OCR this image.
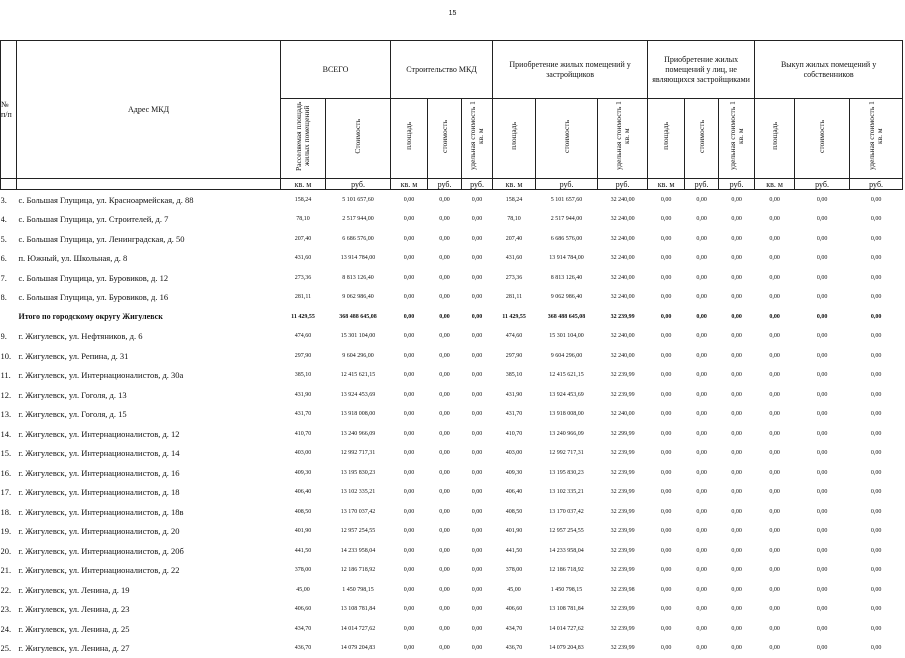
15
№ п/п	Адрес МКД	ВСЕГО		Строительство МКД			Приобретение жилых помещений у застройщиков			Приобретение жилых помещений у лиц, не являющихся застройщиками			Выкуп жилых помещений у собственников		
		Расселяемая площадь жилых помещений	Стоимость	площадь	стоимость	удельная стоимость 1 кв. м	площадь	стоимость	удельная стоимость 1 кв. м	площадь	стоимость	удельная стоимость 1 кв. м	площадь	стоимость	удельная стоимость 1 кв. м
		кв. м	руб.	кв. м	руб.	руб.	кв. м	руб.	руб.	кв. м	руб.	руб.	кв. м	руб.	руб.
3.	с. Большая Глущица, ул. Красноармейская, д. 88	158,24	5 101 657,60	0,00	0,00	0,00	158,24	5 101 657,60	32 240,00	0,00	0,00	0,00	0,00	0,00	0,00
4.	с. Большая Глущица, ул. Строителей, д. 7	78,10	2 517 944,00	0,00	0,00	0,00	78,10	2 517 944,00	32 240,00	0,00	0,00	0,00	0,00	0,00	0,00
5.	с. Большая Глущица, ул. Ленинградская, д. 50	207,40	6 686 576,00	0,00	0,00	0,00	207,40	6 686 576,00	32 240,00	0,00	0,00	0,00	0,00	0,00	0,00
6.	п. Южный, ул. Школьная, д. 8	431,60	13 914 784,00	0,00	0,00	0,00	431,60	13 914 784,00	32 240,00	0,00	0,00	0,00	0,00	0,00	0,00
7.	с. Большая Глущица, ул. Буровиков, д. 12	273,36	8 813 126,40	0,00	0,00	0,00	273,36	8 813 126,40	32 240,00	0,00	0,00	0,00	0,00	0,00	0,00
8.	с. Большая Глущица, ул. Буровиков, д. 16	281,11	9 062 986,40	0,00	0,00	0,00	281,11	9 062 986,40	32 240,00	0,00	0,00	0,00	0,00	0,00	0,00
	Итого по городскому округу Жигулевск	11 429,55	368 488 645,08	0,00	0,00	0,00	11 429,55	368 488 645,08	32 239,99	0,00	0,00	0,00	0,00	0,00	0,00
9.	г. Жигулевск, ул. Нефтяников, д. 6	474,60	15 301 104,00	0,00	0,00	0,00	474,60	15 301 104,00	32 240,00	0,00	0,00	0,00	0,00	0,00	0,00
10.	г. Жигулевск, ул. Репина, д. 31	297,90	9 604 296,00	0,00	0,00	0,00	297,90	9 604 296,00	32 240,00	0,00	0,00	0,00	0,00	0,00	0,00
11.	г. Жигулевск, ул. Интернационалистов, д. 30а	385,10	12 415 621,15	0,00	0,00	0,00	385,10	12 415 621,15	32 239,99	0,00	0,00	0,00	0,00	0,00	0,00
12.	г. Жигулевск, ул. Гоголя, д. 13	431,90	13 924 453,69	0,00	0,00	0,00	431,90	13 924 453,69	32 239,99	0,00	0,00	0,00	0,00	0,00	0,00
13.	г. Жигулевск, ул. Гоголя, д. 15	431,70	13 918 008,00	0,00	0,00	0,00	431,70	13 918 008,00	32 240,00	0,00	0,00	0,00	0,00	0,00	0,00
14.	г. Жигулевск, ул. Интернационалистов, д. 12	410,70	13 240 966,09	0,00	0,00	0,00	410,70	13 240 966,09	32 299,99	0,00	0,00	0,00	0,00	0,00	0,00
15.	г. Жигулевск, ул. Интернационалистов, д. 14	403,00	12 992 717,31	0,00	0,00	0,00	403,00	12 992 717,31	32 239,99	0,00	0,00	0,00	0,00	0,00	0,00
16.	г. Жигулевск, ул. Интернационалистов, д. 16	409,30	13 195 830,23	0,00	0,00	0,00	409,30	13 195 830,23	32 239,99	0,00	0,00	0,00	0,00	0,00	0,00
17.	г. Жигулевск, ул. Интернационалистов, д. 18	406,40	13 102 335,21	0,00	0,00	0,00	406,40	13 102 335,21	32 239,99	0,00	0,00	0,00	0,00	0,00	0,00
18.	г. Жигулевск, ул. Интернационалистов, д. 18в	408,50	13 170 037,42	0,00	0,00	0,00	408,50	13 170 037,42	32 239,99	0,00	0,00	0,00	0,00	0,00	0,00
19.	г. Жигулевск, ул. Интернационалистов, д. 20	401,90	12 957 254,55	0,00	0,00	0,00	401,90	12 957 254,55	32 239,99	0,00	0,00	0,00	0,00	0,00	0,00
20.	г. Жигулевск, ул. Интернационалистов, д. 20б	441,50	14 233 958,04	0,00	0,00	0,00	441,50	14 233 958,04	32 239,99	0,00	0,00	0,00	0,00	0,00	0,00
21.	г. Жигулевск, ул. Интернационалистов, д. 22	378,00	12 186 718,92	0,00	0,00	0,00	378,00	12 186 718,92	32 239,99	0,00	0,00	0,00	0,00	0,00	0,00
22.	г. Жигулевск, ул. Ленина, д. 19	45,00	1 450 798,15	0,00	0,00	0,00	45,00	1 450 798,15	32 239,98	0,00	0,00	0,00	0,00	0,00	0,00
23.	г. Жигулевск, ул. Ленина, д. 23	406,60	13 108 781,84	0,00	0,00	0,00	406,60	13 108 781,84	32 239,99	0,00	0,00	0,00	0,00	0,00	0,00
24.	г. Жигулевск, ул. Ленина, д. 25	434,70	14 014 727,62	0,00	0,00	0,00	434,70	14 014 727,62	32 239,99	0,00	0,00	0,00	0,00	0,00	0,00
25.	г. Жигулевск, ул. Ленина, д. 27	436,70	14 079 204,83	0,00	0,00	0,00	436,70	14 079 204,83	32 239,99	0,00	0,00	0,00	0,00	0,00	0,00
